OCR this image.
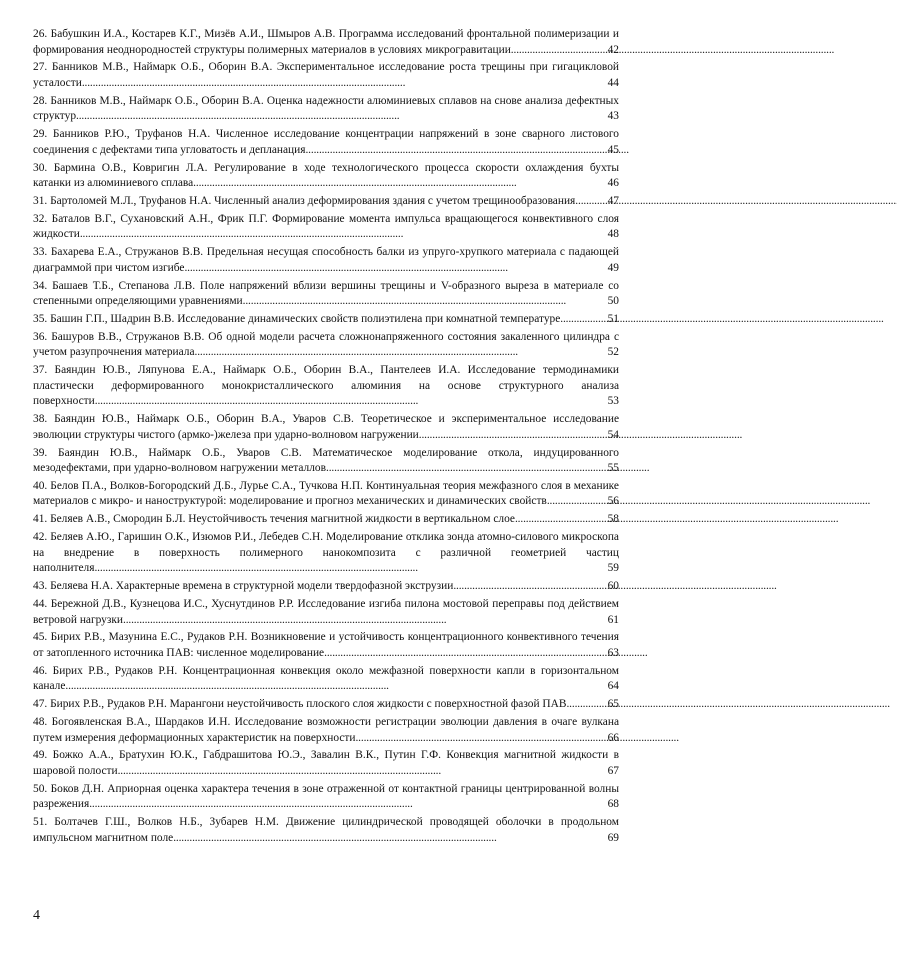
26. Бабушкин И.А., Костарев К.Г., Мизёв А.И., Шмыров А.В. Программа исследований фронтальной полимеризации и
формирования неоднородностей структуры полимерных материалов в условиях микрогравитации . . .	42
27. Банников М.В., Наймарк О.Б., Оборин В.А. Экспериментальное исследование роста трещины при гигацикловой
усталости . . .	44
28. Банников М.В., Наймарк О.Б., Оборин В.А. Оценка надежности алюминиевых сплавов на снове анализа дефектных
структур . . .	43
29. Банников Р.Ю., Труфанов Н.А. Численное исследование концентрации напряжений в зоне сварного листового
соединения с дефектами типа угловатость и депланация . . .	45
30. Бармина О.В., Ковригин Л.А. Регулирование в ходе технологического процесса скорости охлаждения бухты
катанки из алюминиевого сплава . . .	46
31. Бартоломей М.Л., Труфанов Н.А. Численный анализ деформирования здания с учетом трещинообразования . . .	47
32. Баталов В.Г., Сухановский А.Н., Фрик П.Г. Формирование момента импульса вращающегося конвективного слоя
жидкости . . .	48
33. Бахарева Е.А., Стружанов В.В. Предельная несущая способность балки из упруго-хрупкого материала с падающей
диаграммой при чистом изгибе . . .	49
34. Башаев Т.Б., Степанова Л.В. Поле напряжений вблизи вершины трещины и V-образного выреза в материале со
степенными определяющими уравнениями . . .	50
35. Башин Г.П., Шадрин В.В. Исследование динамических свойств полиэтилена при комнатной температуре . . .	51
36. Башуров В.В., Стружанов В.В. Об одной модели расчета сложнонапряженного состояния закаленного цилиндра с
учетом разупрочнения материала . . .	52
37. Баяндин Ю.В., Ляпунова Е.А., Наймарк О.Б., Оборин В.А., Пантелеев И.А. Исследование термодинамики пластически деформированного монокристаллического алюминия на основе структурного анализа
поверхности . . .	53
38. Баяндин Ю.В., Наймарк О.Б., Оборин В.А., Уваров С.В. Теоретическое и экспериментальное исследование
эволюции структуры чистого (армко-)железа при ударно-волновом нагружении . . .	54
39. Баяндин Ю.В., Наймарк О.Б., Уваров С.В. Математическое моделирование откола, индуцированного
мезодефектами, при ударно-волновом нагружении металлов . . .	55
40. Белов П.А., Волков-Богородский Д.Б., Лурье С.А., Тучкова Н.П. Континуальная теория межфазного слоя в механике
материалов с микро- и наноструктурой: моделирование и прогноз механических и динамических свойств . . .	56
41. Беляев А.В., Смородин Б.Л. Неустойчивость течения магнитной жидкости в вертикальном слое . . .	58
42. Беляев А.Ю., Гаришин О.К., Изюмов Р.И., Лебедев С.Н. Моделирование отклика зонда атомно-силового микроскопа на внедрение в поверхность полимерного нанокомпозита с различной геометрией частиц
наполнителя . . .	59
43. Беляева Н.А. Характерные времена в структурной модели твердофазной экструзии . . .	60
44. Бережной Д.В., Кузнецова И.С., Хуснутдинов Р.Р. Исследование изгиба пилона мостовой переправы под действием
ветровой нагрузки . . .	61
45. Бирих Р.В., Мазунина Е.С., Рудаков Р.Н. Возникновение и устойчивость концентрационного конвективного течения
от затопленного источника ПАВ: численное моделирование . . .	63
46. Бирих Р.В., Рудаков Р.Н. Концентрационная конвекция около межфазной поверхности капли в горизонтальном
канале . . .	64
47. Бирих Р.В., Рудаков Р.Н. Марангони неустойчивость плоского слоя жидкости с поверхностной фазой ПАВ . . .	65
48. Богоявленская В.А., Шардаков И.Н. Исследование возможности регистрации эволюции давления в очаге вулкана
путем измерения деформационных характеристик на поверхности . . .	66
49. Божко А.А., Братухин Ю.К., Габдрашитова Ю.Э., Завалин В.К., Путин Г.Ф. Конвекция магнитной жидкости в
шаровой полости . . .	67
50. Боков Д.Н. Априорная оценка характера течения в зоне отраженной от контактной границы центрированной волны
разрежения . . .	68
51. Болтачев Г.Ш., Волков Н.Б., Зубарев Н.М. Движение цилиндрической проводящей оболочки в продольном
импульсном магнитном поле . . .	69
4
